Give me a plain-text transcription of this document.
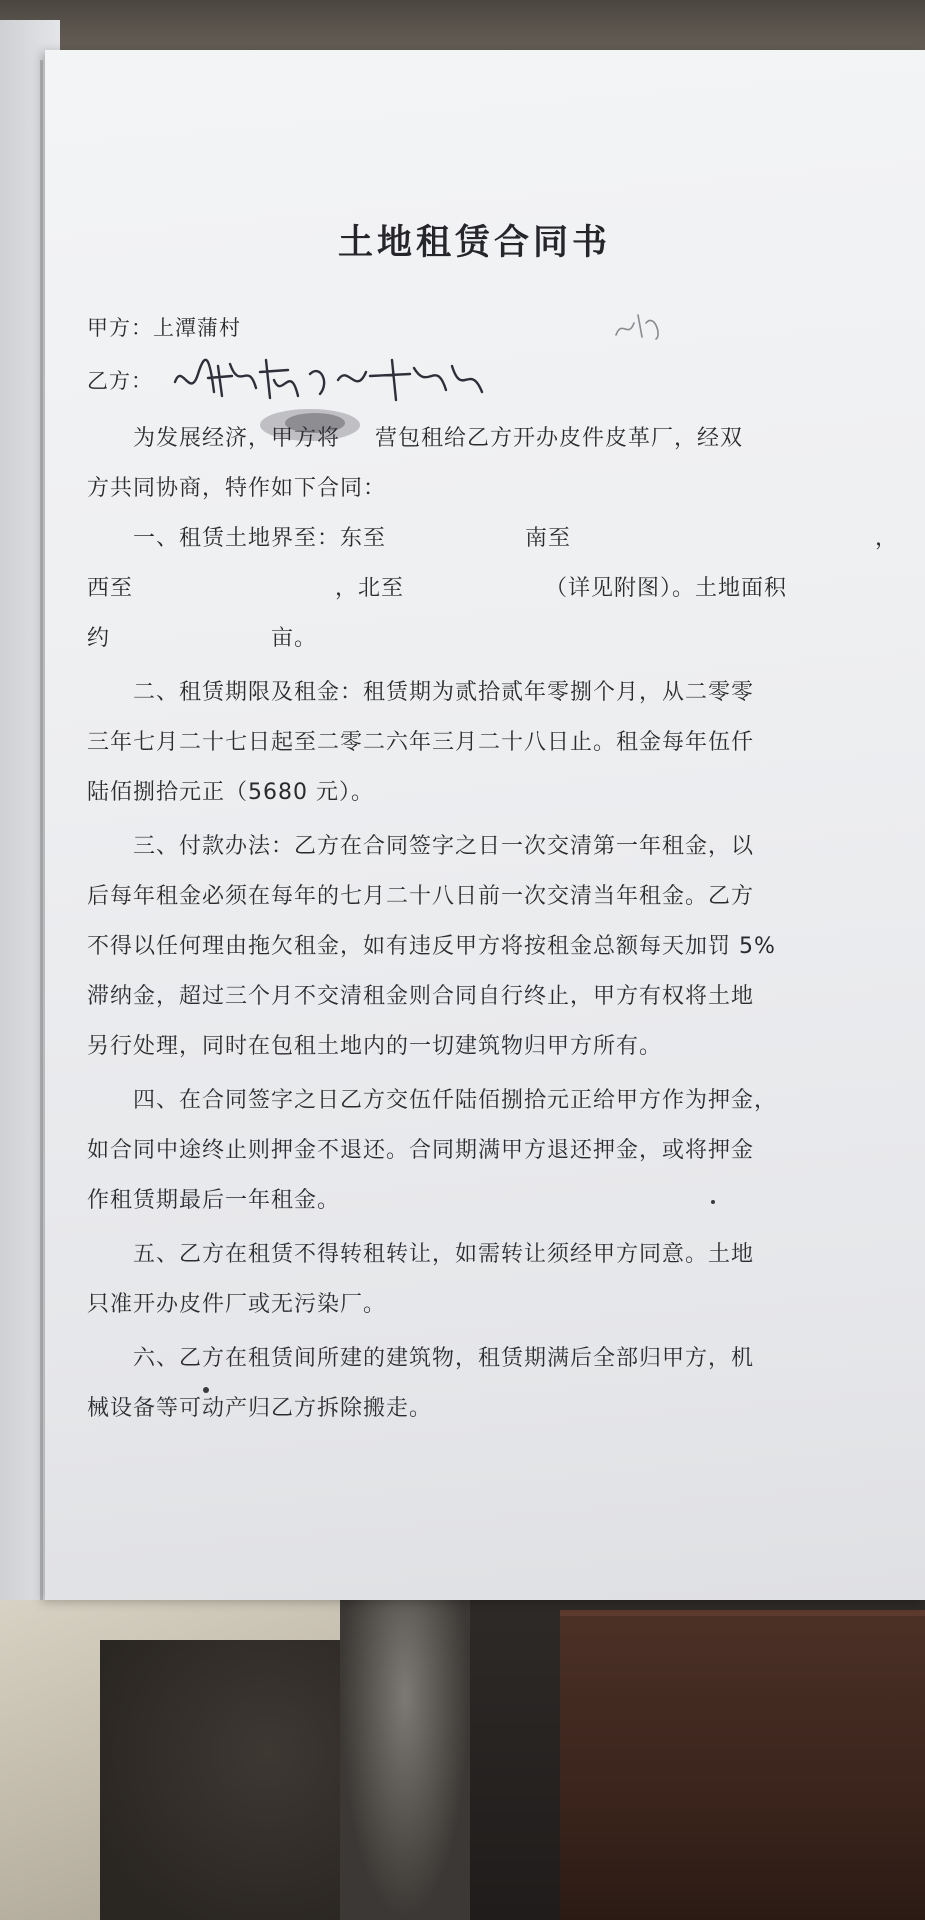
土地租赁合同书
甲方：上潭蒲村
乙方：
为发展经济，甲方将 营包租给乙方开办皮件皮革厂，经双
方共同协商，特作如下合同：
一、租赁土地界至：东至	南至	，
西至	，北至	（详见附图）。土地面积
约	亩。
二、租赁期限及租金：租赁期为贰拾贰年零捌个月，从二零零
三年七月二十七日起至二零二六年三月二十八日止。租金每年伍仟
陆佰捌拾元正（5680 元）。
三、付款办法：乙方在合同签字之日一次交清第一年租金，以
后每年租金必须在每年的七月二十八日前一次交清当年租金。乙方
不得以任何理由拖欠租金，如有违反甲方将按租金总额每天加罚 5%
滞纳金，超过三个月不交清租金则合同自行终止，甲方有权将土地
另行处理，同时在包租土地内的一切建筑物归甲方所有。
四、在合同签字之日乙方交伍仟陆佰捌拾元正给甲方作为押金，
如合同中途终止则押金不退还。合同期满甲方退还押金，或将押金
作租赁期最后一年租金。
五、乙方在租赁不得转租转让，如需转让须经甲方同意。土地
只准开办皮件厂或无污染厂。
六、乙方在租赁间所建的建筑物，租赁期满后全部归甲方，机
械设备等可动产归乙方拆除搬走。
